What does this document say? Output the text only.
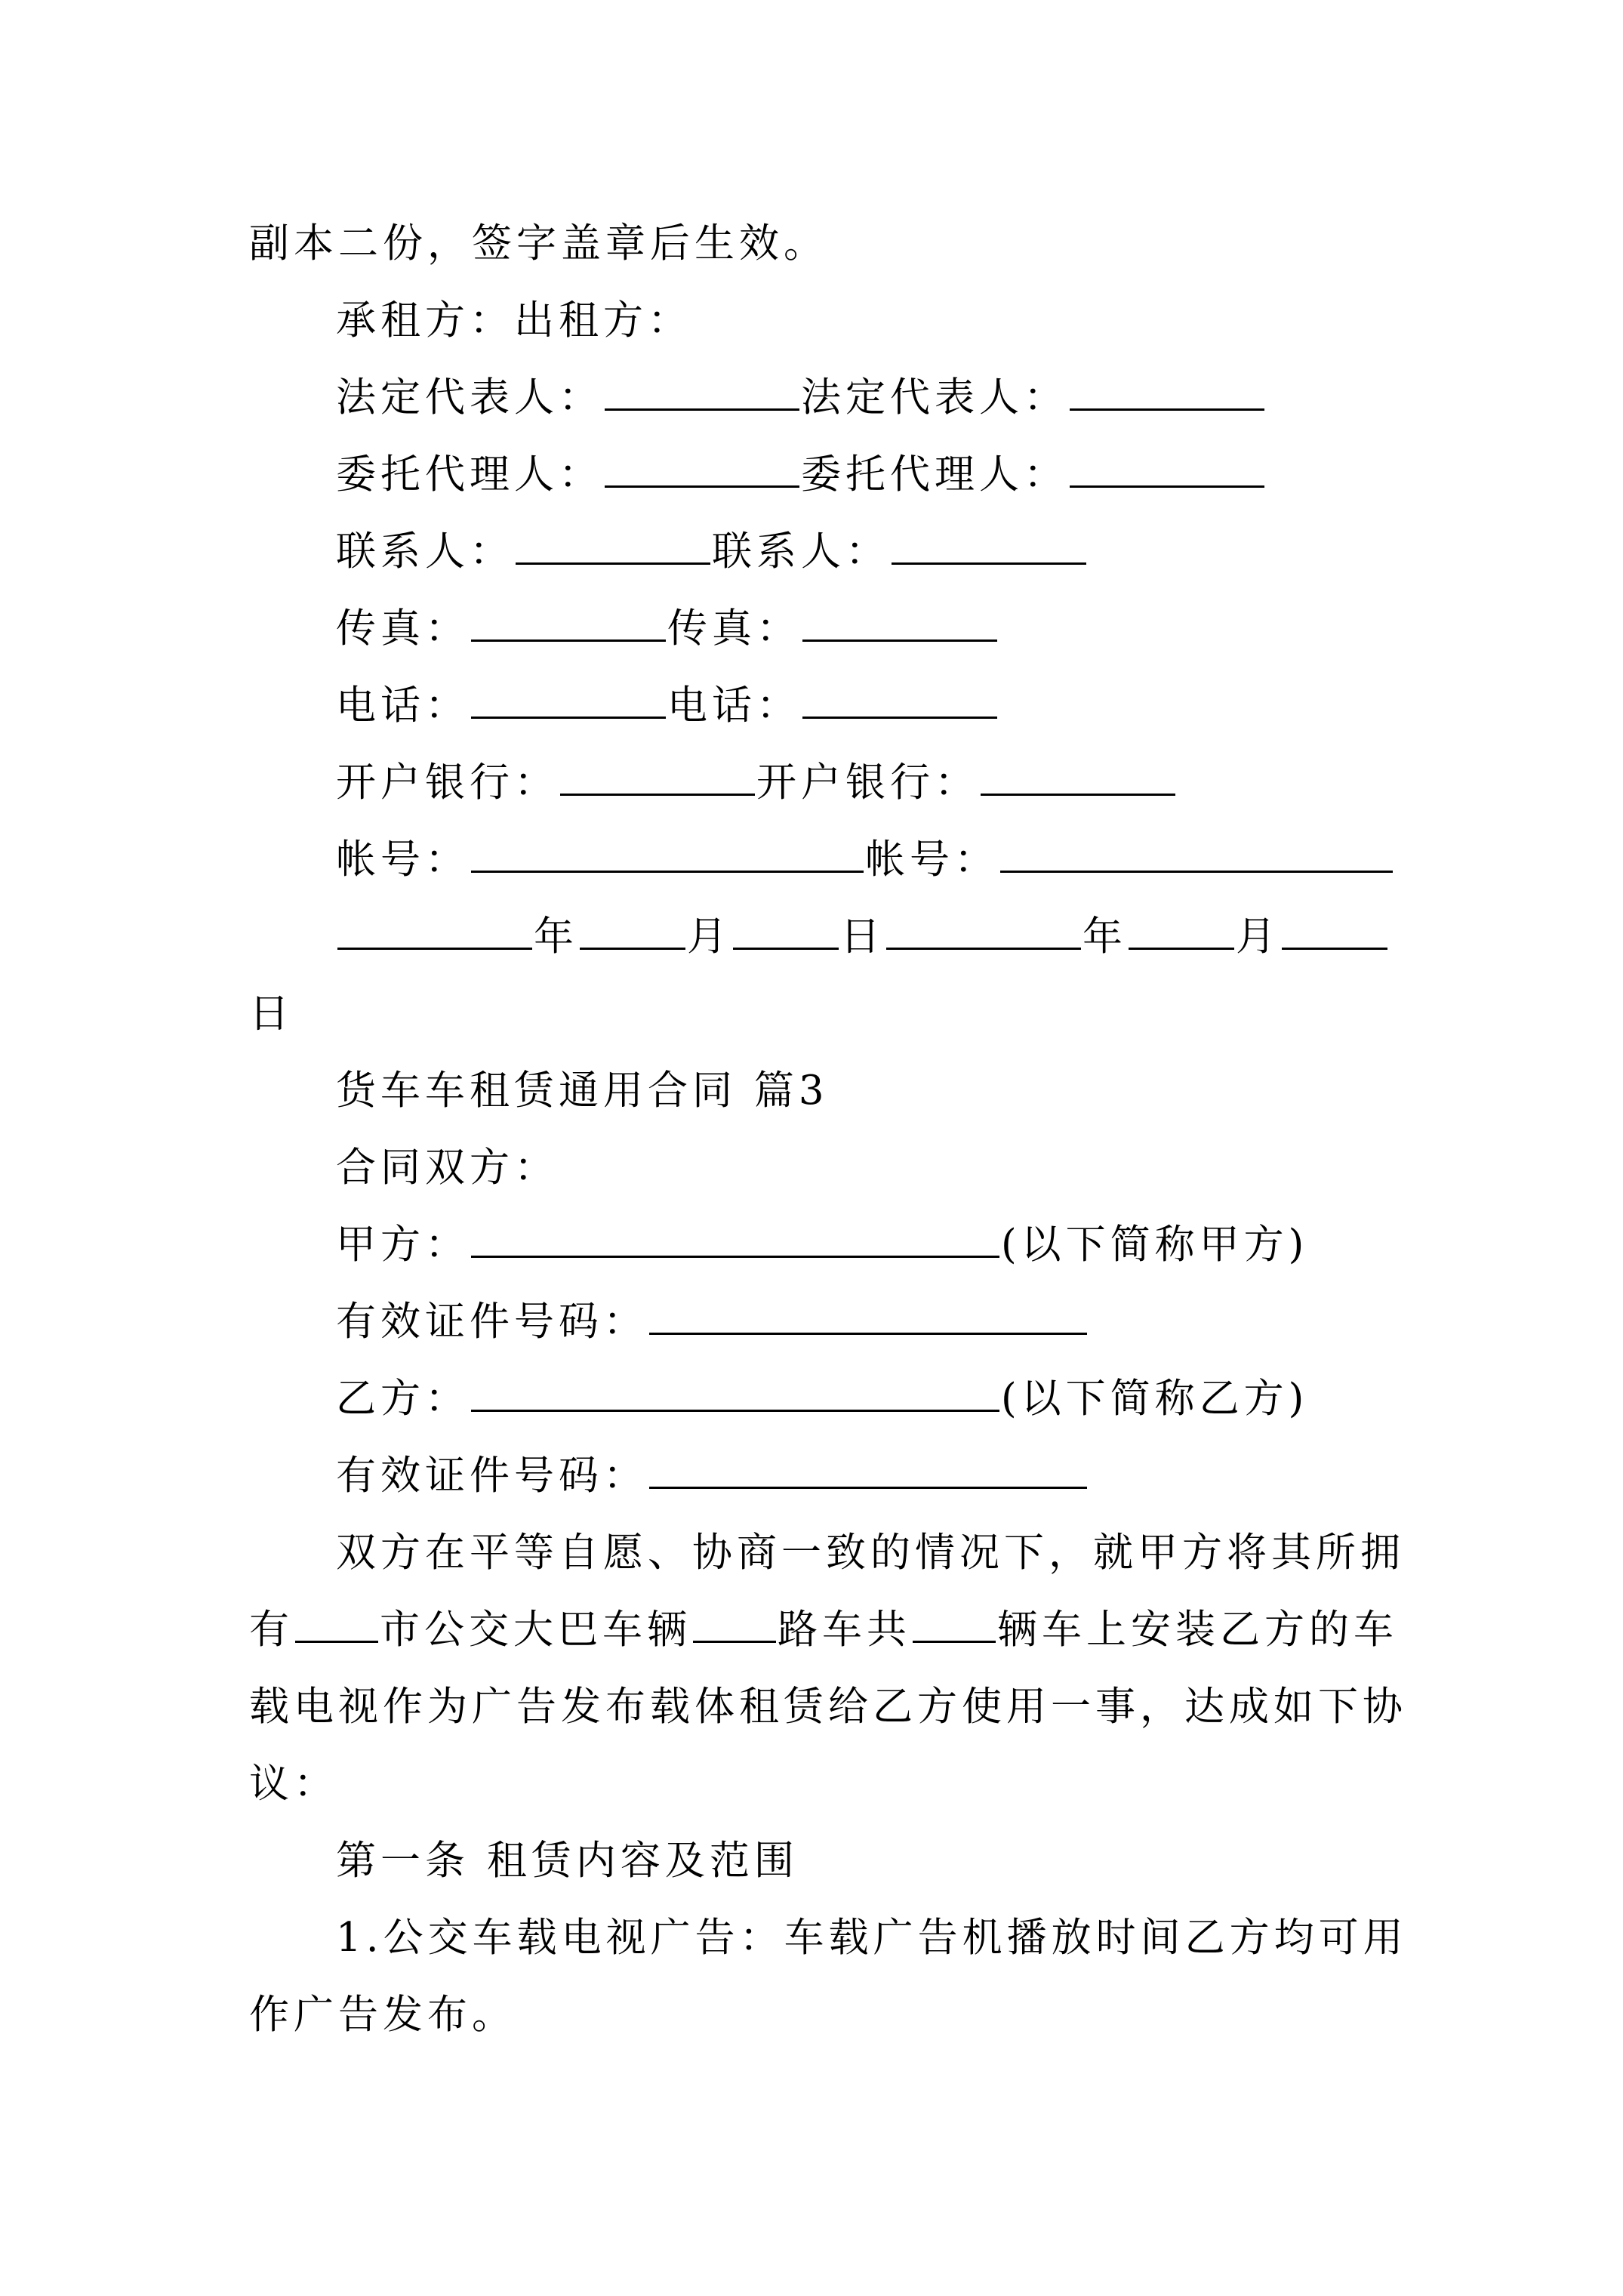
副本二份，签字盖章后生效。
承租方：出租方：
法定代表人：	法定代表人：
委托代理人：	委托代理人：
联系人：	联系人：
传真：	传真：
电话：	电话：
开户银行：	开户银行：
帐号：	帐号：
年	月	日	年	月
日
货车车租赁通用合同 篇3
合同双方：
甲方：	(以下简称甲方)
有效证件号码：
乙方：	(以下简称乙方)
有效证件号码：
双方在平等自愿、协商一致的情况下，就甲方将其所拥
有 市公交大巴车辆 路车共 辆车上安装乙方的车
载电视作为广告发布载体租赁给乙方使用一事，达成如下协
议：
第一条 租赁内容及范围
1.公交车载电视广告：车载广告机播放时间乙方均可用
作广告发布。
